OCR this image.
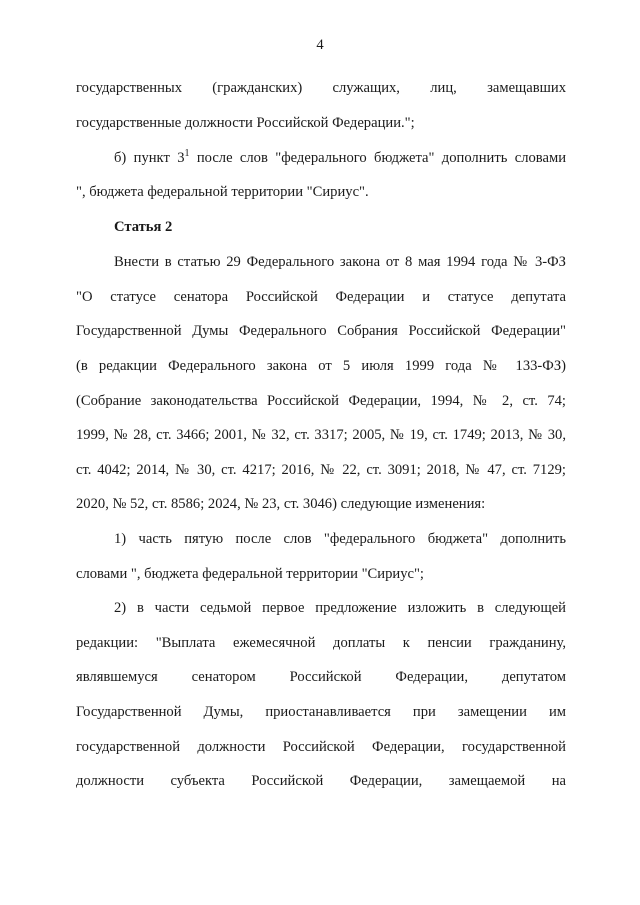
4
государственных (гражданских) служащих, лиц, замещавших
государственные должности Российской Федерации.";
б) пункт $3^1$ после слов "федерального бюджета" дополнить словами
", бюджета федеральной территории "Сириус".
Статья 2
Внести в статью 29 Федерального закона от 8 мая 1994 года № 3-ФЗ
"О статусе сенатора Российской Федерации и статусе депутата
Государственной Думы Федерального Собрания Российской Федерации"
(в редакции Федерального закона от 5 июля 1999 года № 133-ФЗ)
(Собрание законодательства Российской Федерации, 1994, № 2, ст. 74;
1999, № 28, ст. 3466; 2001, № 32, ст. 3317; 2005, № 19, ст. 1749; 2013, № 30,
ст. 4042; 2014, № 30, ст. 4217; 2016, № 22, ст. 3091; 2018, № 47, ст. 7129;
2020, № 52, ст. 8586; 2024, № 23, ст. 3046) следующие изменения:
1) часть пятую после слов "федерального бюджета" дополнить
словами ", бюджета федеральной территории "Сириус";
2) в части седьмой первое предложение изложить в следующей
редакции: "Выплата ежемесячной доплаты к пенсии гражданину,
являвшемуся сенатором Российской Федерации, депутатом
Государственной Думы, приостанавливается при замещении им
государственной должности Российской Федерации, государственной
должности субъекта Российской Федерации, замещаемой на
